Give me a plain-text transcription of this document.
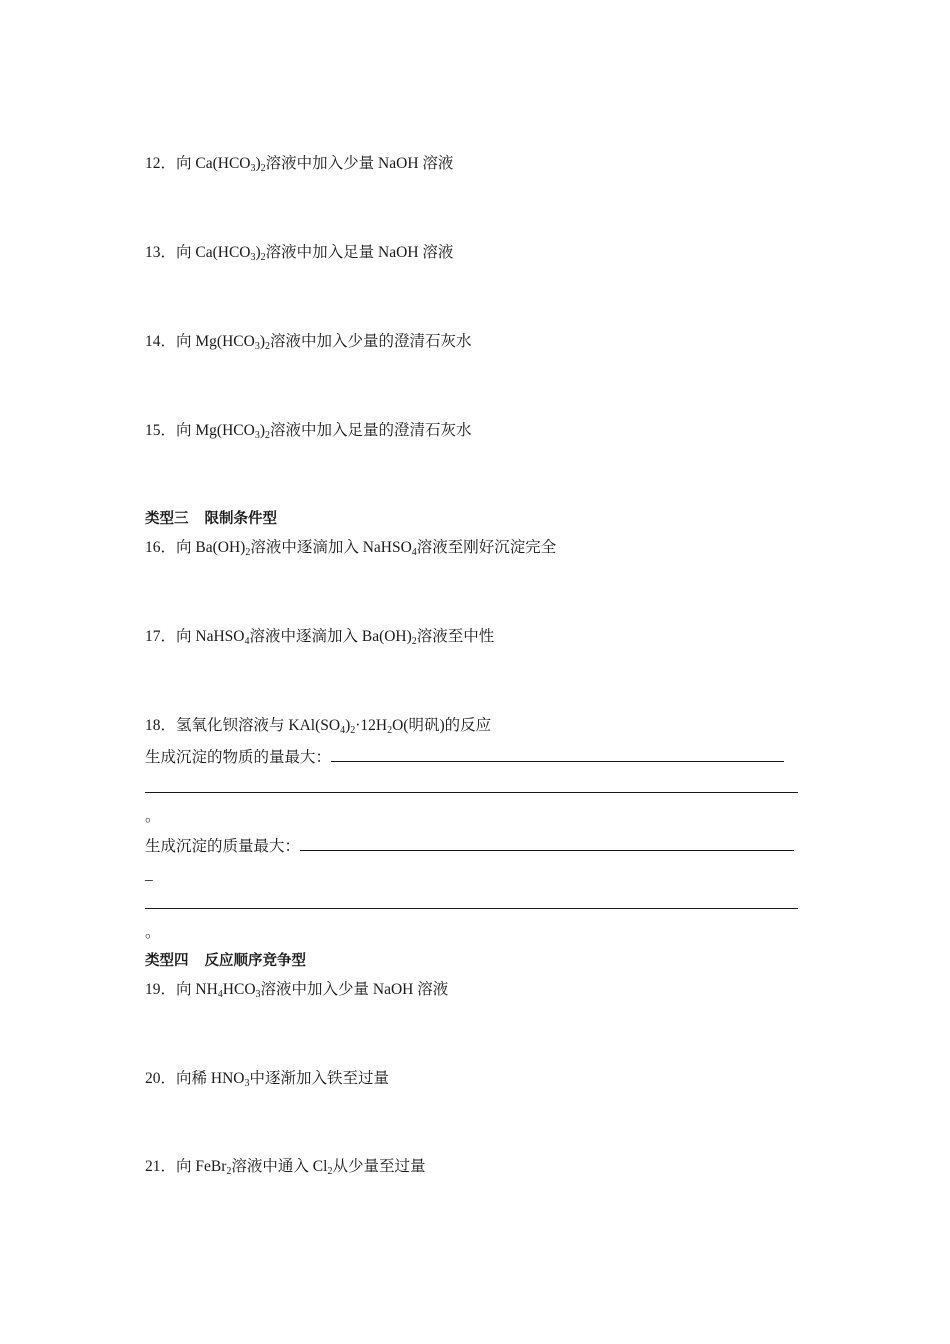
12．向 $Ca(HCO_3)_2$溶液中加入少量 NaOH 溶液
13．向 $Ca(HCO_3)_2$溶液中加入足量 NaOH 溶液
14．向 $Mg(HCO_3)_2$溶液中加入少量的澄清石灰水
15．向 $Mg(HCO_3)_2$溶液中加入足量的澄清石灰水
类型三 限制条件型
16．向 $Ba(OH)_2$溶液中逐滴加入 NaHSO$_4$溶液至刚好沉淀完全
17．向 NaHSO$_4$溶液中逐滴加入 $Ba(OH)_2$溶液至中性
18．氢氧化钡溶液与 $KAl(SO_4)_2\cdot 12H_2O$(明矾)的反应
生成沉淀的物质的量最大：
。
生成沉淀的质量最大：
_
。
类型四 反应顺序竞争型
19．向 $NH_4HCO_3$溶液中加入少量 NaOH 溶液
20．向稀 $HNO_3$中逐渐加入铁至过量
21．向 FeBr$_2$溶液中通入 $Cl_2$从少量至过量
